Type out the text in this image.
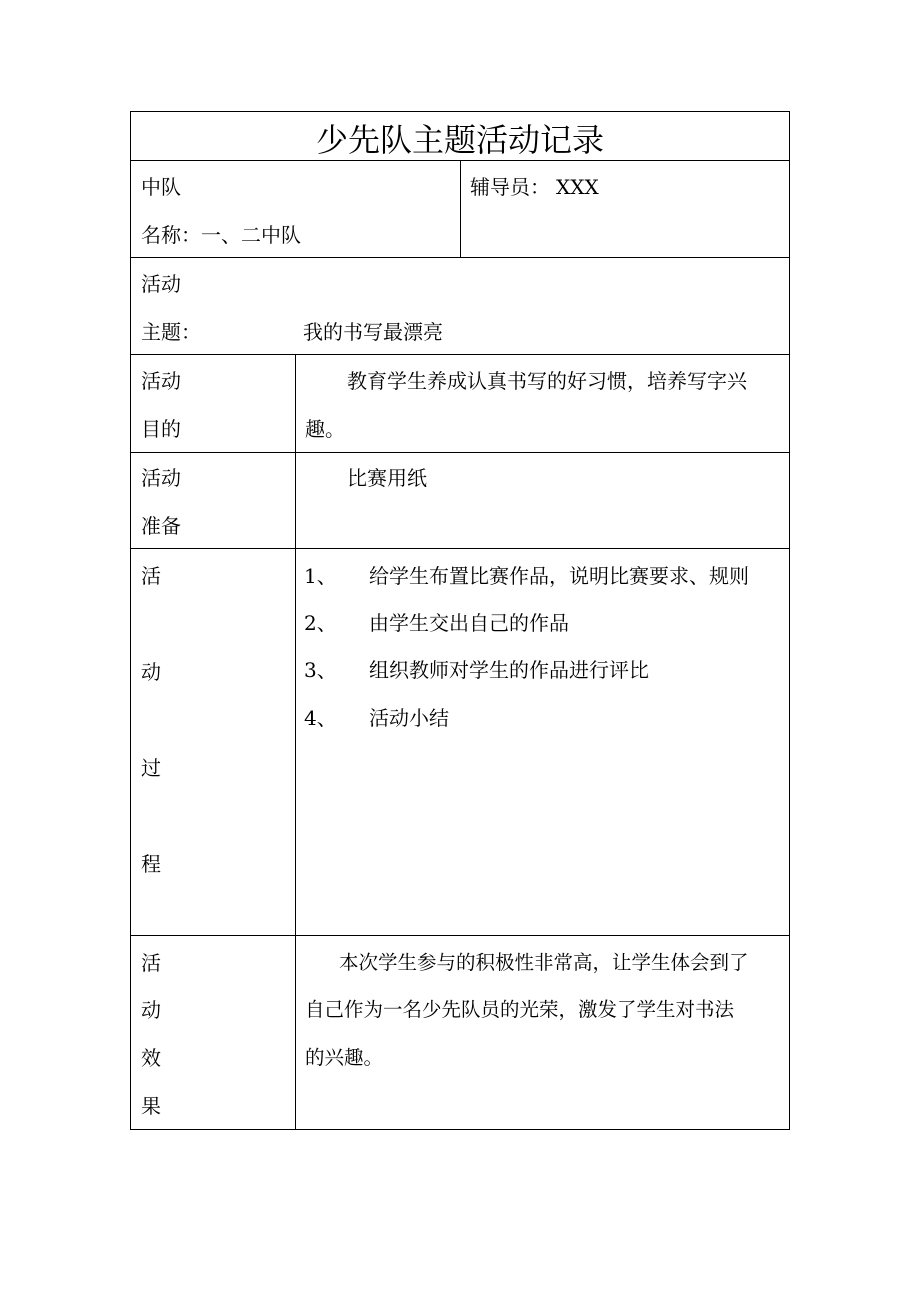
少先队主题活动记录
中队
名称： 一、二中队
辅导员： XXX
活动
主题：	我的书写最漂亮
活动
目的
教育学生养成认真书写的好习惯，培养写字兴
趣。
活动
准备
比赛用纸
活
动
过
程
1、 给学生布置比赛作品，说明比赛要求、规则
2、 由学生交出自己的作品
3、 组织教师对学生的作品进行评比
4、 活动小结
活
动
效
果
本次学生参与的积极性非常高，让学生体会到了
自己作为一名少先队员的光荣，激发了学生对书法
的兴趣。
